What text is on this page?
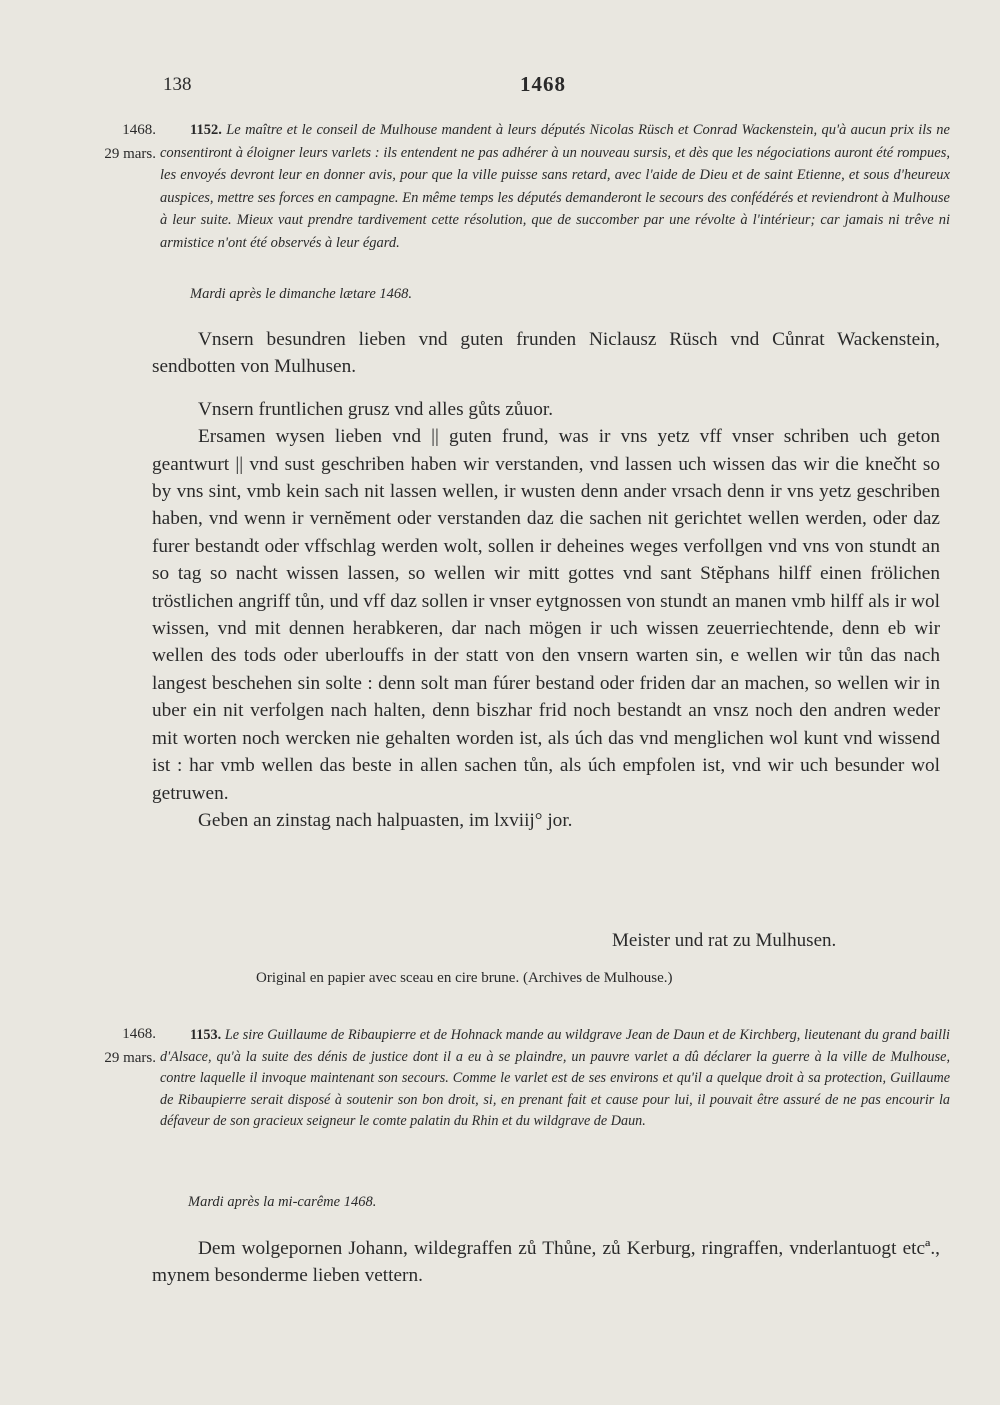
138	1468
1468.
29 mars.
1152. Le maître et le conseil de Mulhouse mandent à leurs députés Nicolas Rüsch et Conrad Wackenstein, qu'à aucun prix ils ne consentiront à éloigner leurs varlets : ils entendent ne pas adhérer à un nouveau sursis, et dès que les négociations auront été rompues, les envoyés devront leur en donner avis, pour que la ville puisse sans retard, avec l'aide de Dieu et de saint Etienne, et sous d'heureux auspices, mettre ses forces en campagne. En même temps les députés demanderont le secours des confédérés et reviendront à Mulhouse à leur suite. Mieux vaut prendre tardivement cette résolution, que de succomber par une révolte à l'intérieur; car jamais ni trêve ni armistice n'ont été observés à leur égard.
Mardi après le dimanche lætare 1468.

Vnsern besundren lieben vnd guten frunden Niclausz Rüsch vnd Cůnrat Wackenstein, sendbotten von Mulhusen.

Vnsern fruntlichen grusz vnd alles gůts zůuor.

Ersamen wysen lieben vnd || guten frund, was ir vns yetz vff vnser schriben uch geton geantwurt || vnd sust geschriben haben wir verstanden, vnd lassen uch wissen das wir die knečht so by vns sint, vmb kein sach nit lassen wellen, ir wusten denn ander vrsach denn ir vns yetz geschriben haben, vnd wenn ir vernĕment oder verstanden daz die sachen nit gerichtet wellen werden, oder daz furer bestandt oder vffschlag werden wolt, sollen ir deheines weges verfollgen vnd vns von stundt an so tag so nacht wissen lassen, so wellen wir mitt gottes vnd sant Stĕphans hilff einen frölichen tröstlichen angriff tůn, und vff daz sollen ir vnser eytgnossen von stundt an manen vmb hilff als ir wol wissen, vnd mit dennen herabkeren, dar nach mögen ir uch wissen zeuerriechtende, denn eb wir wellen des tods oder uberlouffs in der statt von den vnsern warten sin, e wellen wir tůn das nach langest beschehen sin solte : denn solt man fúrer bestand oder friden dar an machen, so wellen wir in uber ein nit verfolgen nach halten, denn biszhar frid noch bestandt an vnsz noch den andren weder mit worten noch wercken nie gehalten worden ist, als úch das vnd menglichen wol kunt vnd wissend ist : har vmb wellen das beste in allen sachen tůn, als úch empfolen ist, vnd wir uch besunder wol getruwen.

Geben an zinstag nach halpuasten, im lxviij° jor.

Meister und rat zu Mulhusen.
Original en papier avec sceau en cire brune. (Archives de Mulhouse.)
1468.
29 mars.
1153. Le sire Guillaume de Ribaupierre et de Hohnack mande au wildgrave Jean de Daun et de Kirchberg, lieutenant du grand bailli d'Alsace, qu'à la suite des dénis de justice dont il a eu à se plaindre, un pauvre varlet a dû déclarer la guerre à la ville de Mulhouse, contre laquelle il invoque maintenant son secours. Comme le varlet est de ses environs et qu'il a quelque droit à sa protection, Guillaume de Ribaupierre serait disposé à soutenir son bon droit, si, en prenant fait et cause pour lui, il pouvait être assuré de ne pas encourir la défaveur de son gracieux seigneur le comte palatin du Rhin et du wildgrave de Daun.
Mardi après la mi-carême 1468.

Dem wolgepornen Johann, wildegraffen zů Thůne, zů Kerburg, ringraffen, vnderlantuogt etcª., mynem besonderme lieben vettern.
